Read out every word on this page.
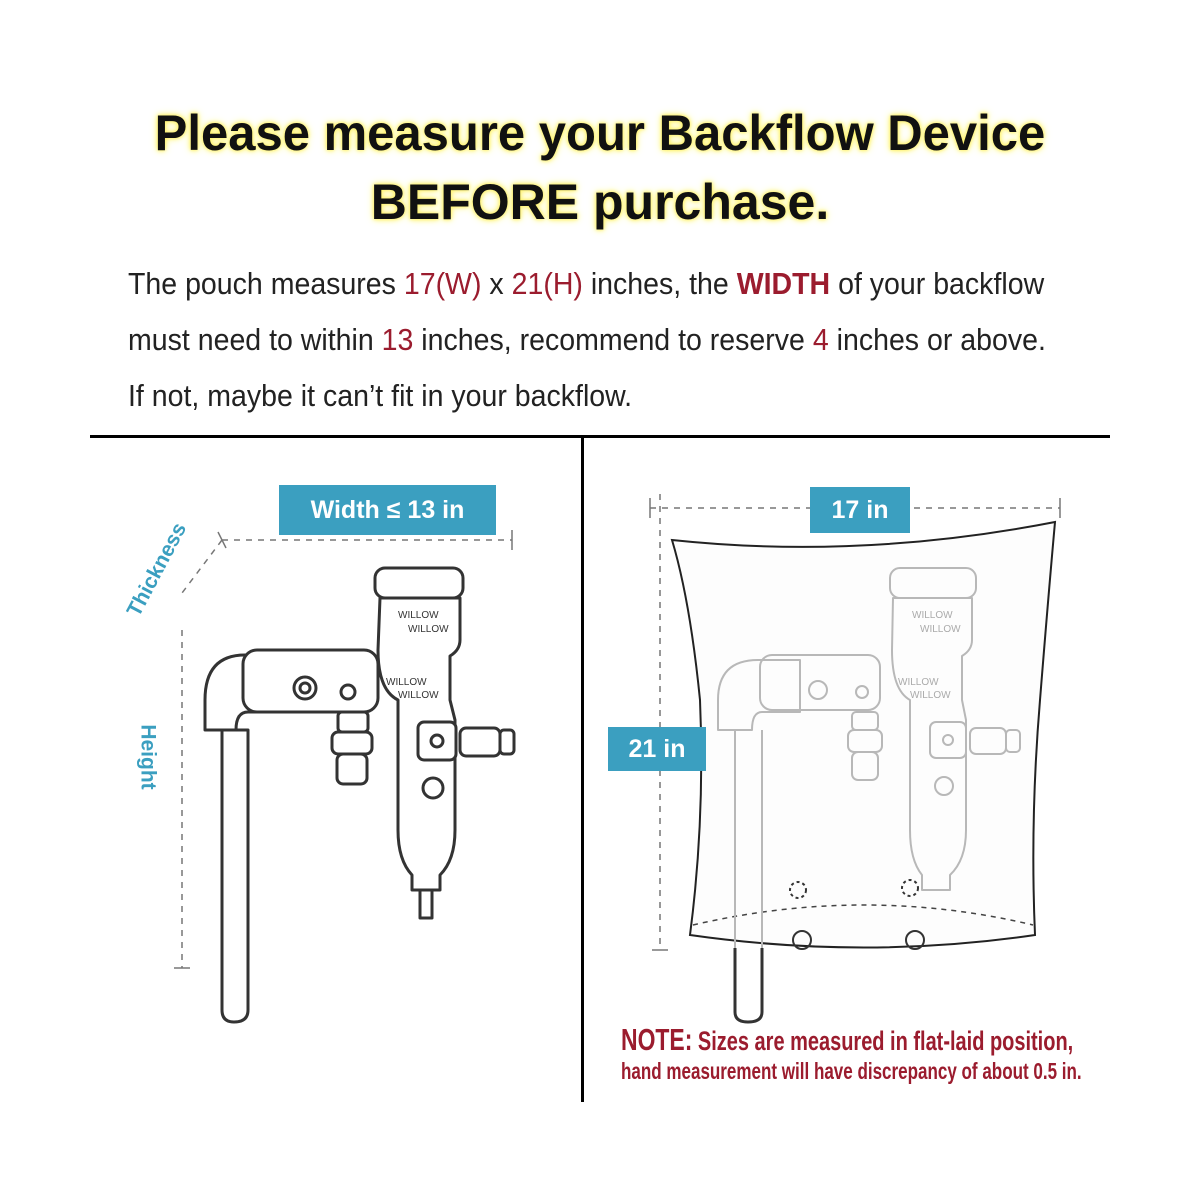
Please measure your Backflow Device
BEFORE purchase.
The pouch measures 17(W) x 21(H) inches, the WIDTH of your backflow
must need to within 13 inches, recommend to reserve 4 inches or above.
If not, maybe it can’t fit in your backflow.
WILLOW
WILLOW
WILLOW
WILLOW
WILLOW
WILLOW
WILLOW
WILLOW
Width ≤ 13 in
Thickness
Height
17 in
21 in
NOTE: Sizes are measured in flat-laid position,
hand measurement will have discrepancy of about 0.5 in.
